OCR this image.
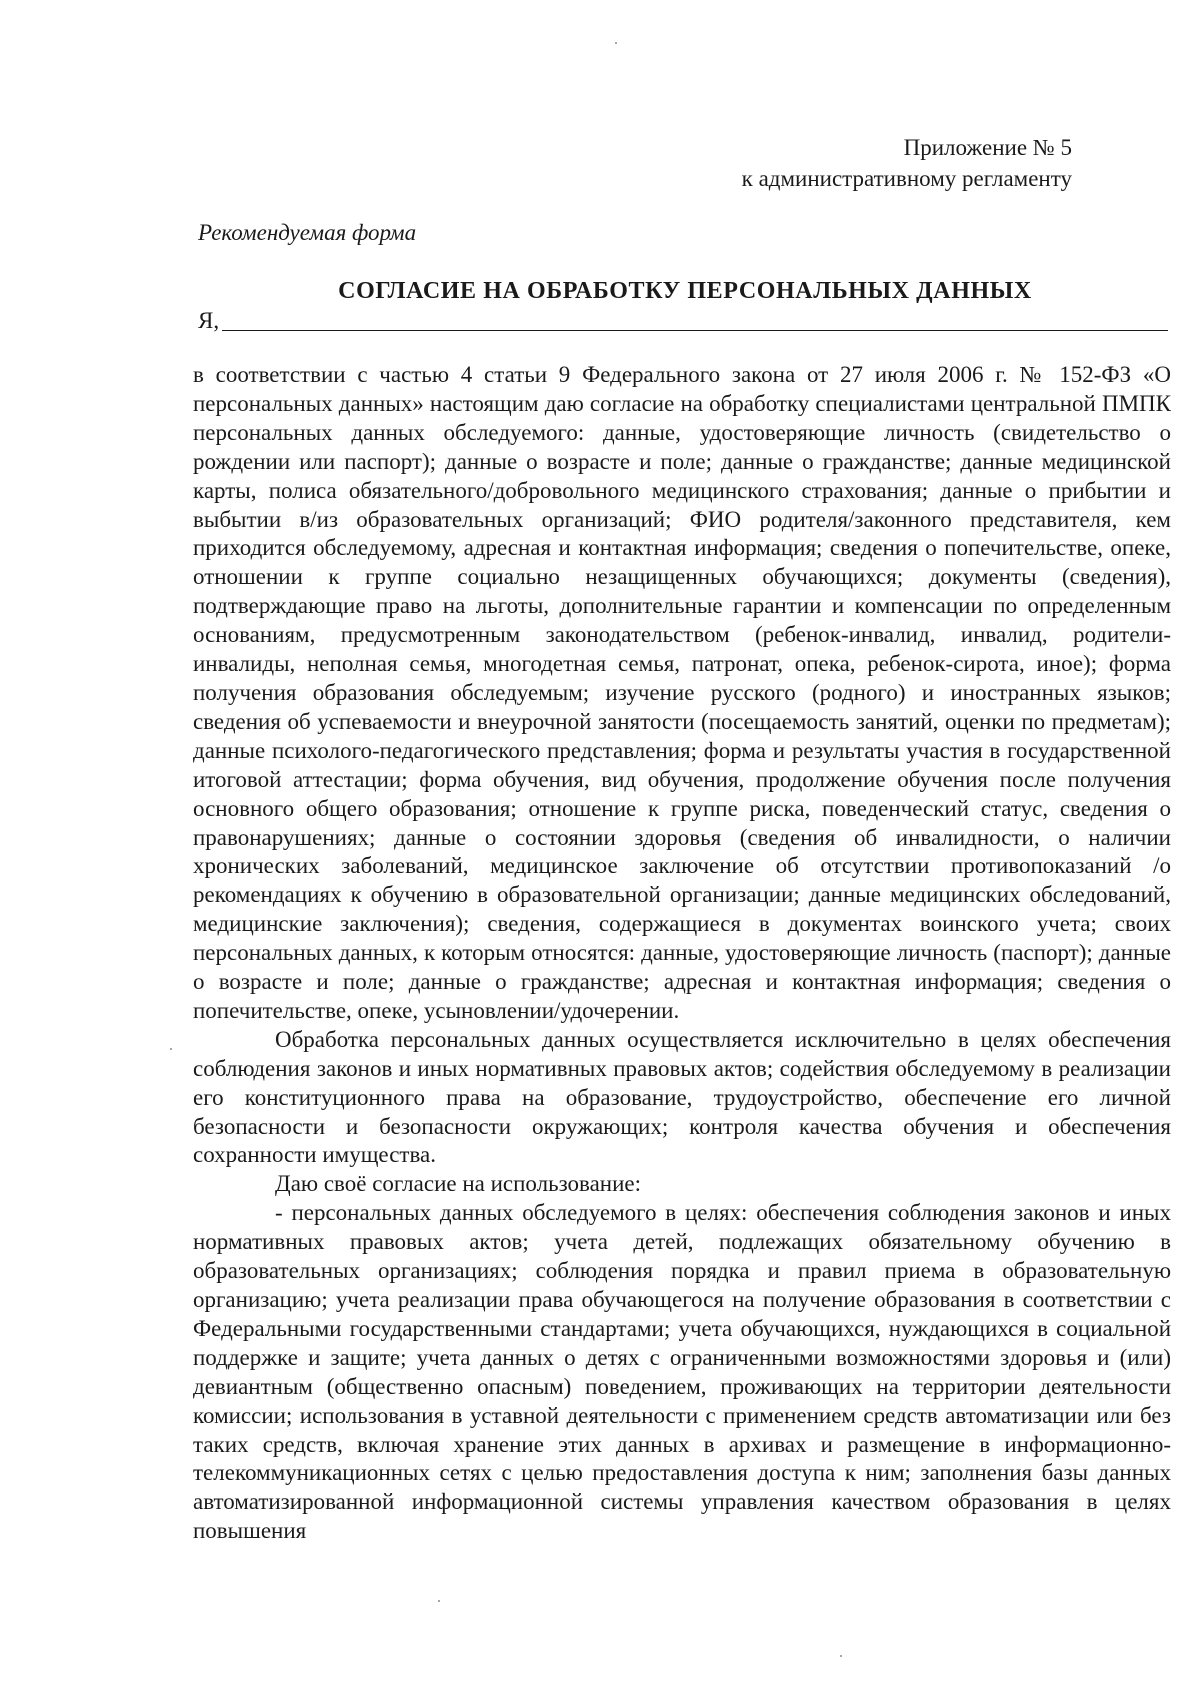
Приложение № 5
к административному регламенту
Рекомендуемая форма
СОГЛАСИЕ НА ОБРАБОТКУ ПЕРСОНАЛЬНЫХ ДАННЫХ
Я,

в соответствии с частью 4 статьи 9 Федерального закона от 27 июля 2006 г. № 152-ФЗ «О персональных данных» настоящим даю согласие на обработку специалистами центральной ПМПК персональных данных обследуемого: данные, удостоверяющие личность (свидетельство о рождении или паспорт); данные о возрасте и поле; данные о гражданстве; данные медицинской карты, полиса обязательного/добровольного медицинского страхования; данные о прибытии и выбытии в/из образовательных организаций; ФИО родителя/законного представителя, кем приходится обследуемому, адресная и контактная информация; сведения о попечительстве, опеке, отношении к группе социально незащищенных обучающихся; документы (сведения), подтверждающие право на льготы, дополнительные гарантии и компенсации по определенным основаниям, предусмотренным законодательством (ребенок-инвалид, инвалид, родители-инвалиды, неполная семья, многодетная семья, патронат, опека, ребенок-сирота, иное); форма получения образования обследуемым; изучение русского (родного) и иностранных языков; сведения об успеваемости и внеурочной занятости (посещаемость занятий, оценки по предметам); данные психолого-педагогического представления; форма и результаты участия в государственной итоговой аттестации; форма обучения, вид обучения, продолжение обучения после получения основного общего образования; отношение к группе риска, поведенческий статус, сведения о правонарушениях; данные о состоянии здоровья (сведения об инвалидности, о наличии хронических заболеваний, медицинское заключение об отсутствии противопоказаний /о рекомендациях к обучению в образовательной организации; данные медицинских обследований, медицинские заключения); сведения, содержащиеся в документах воинского учета; своих персональных данных, к которым относятся: данные, удостоверяющие личность (паспорт); данные о возрасте и поле; данные о гражданстве; адресная и контактная информация; сведения о попечительстве, опеке, усыновлении/удочерении.

Обработка персональных данных осуществляется исключительно в целях обеспечения соблюдения законов и иных нормативных правовых актов; содействия обследуемому в реализации его конституционного права на образование, трудоустройство, обеспечение его личной безопасности и безопасности окружающих; контроля качества обучения и обеспечения сохранности имущества.

Даю своё согласие на использование:

- персональных данных обследуемого в целях: обеспечения соблюдения законов и иных нормативных правовых актов; учета детей, подлежащих обязательному обучению в образовательных организациях; соблюдения порядка и правил приема в образовательную организацию; учета реализации права обучающегося на получение образования в соответствии с Федеральными государственными стандартами; учета обучающихся, нуждающихся в социальной поддержке и защите; учета данных о детях с ограниченными возможностями здоровья и (или) девиантным (общественно опасным) поведением, проживающих на территории деятельности комиссии; использования в уставной деятельности с применением средств автоматизации или без таких средств, включая хранение этих данных в архивах и размещение в информационно-телекоммуникационных сетях с целью предоставления доступа к ним; заполнения базы данных автоматизированной информационной системы управления качеством образования в целях повышения
